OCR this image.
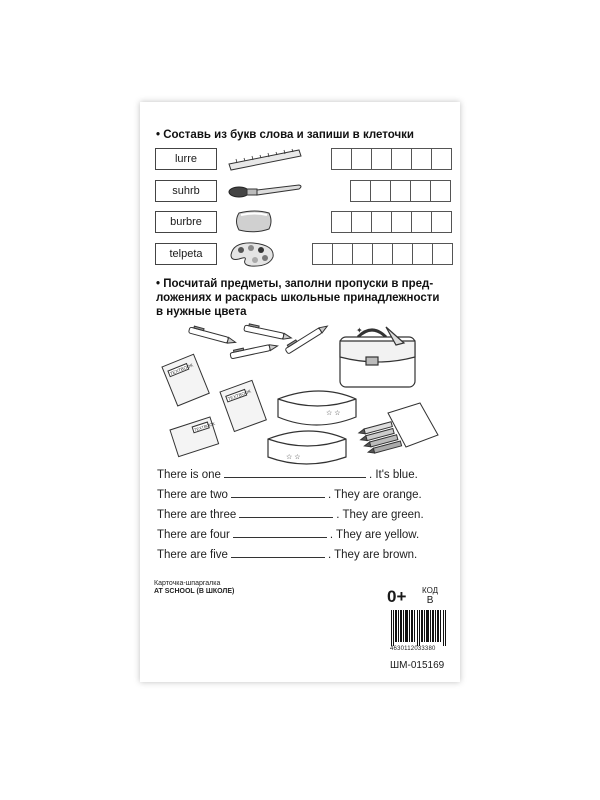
• Составь из букв слова и запиши в клеточки
lurre
suhrb
burbre
telpeta
• Посчитай предметы, заполни пропуски в пред-
ложениях и раскрась школьные принадлежности
в нужные цвета
✦
TEXTBOOK
TEXTBOOK
TEXTBOOK
☆ ☆
☆ ☆
There is one	. It's blue.
There are two	. They are orange.
There are three	. They are green.
There are four	. They are yellow.
There are five	. They are brown.
Карточка-шпаргалка
AT SCHOOL (В ШКОЛЕ)	0+ КОД
В
4630112033380
ШМ-015169
